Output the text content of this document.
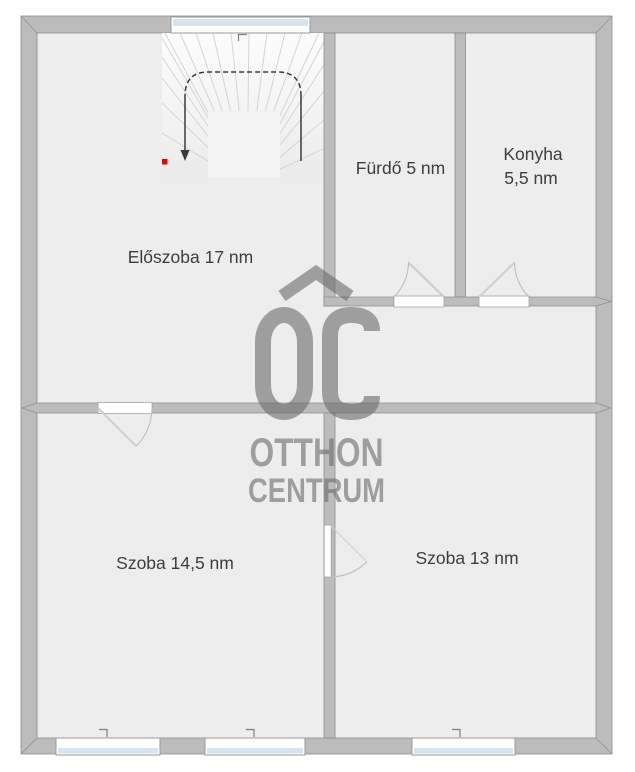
OTTHON
CENTRUM
Előszoba 17 nm
Fürdő 5 nm
Konyha
5,5 nm
Szoba 14,5 nm	Szoba 13 nm
